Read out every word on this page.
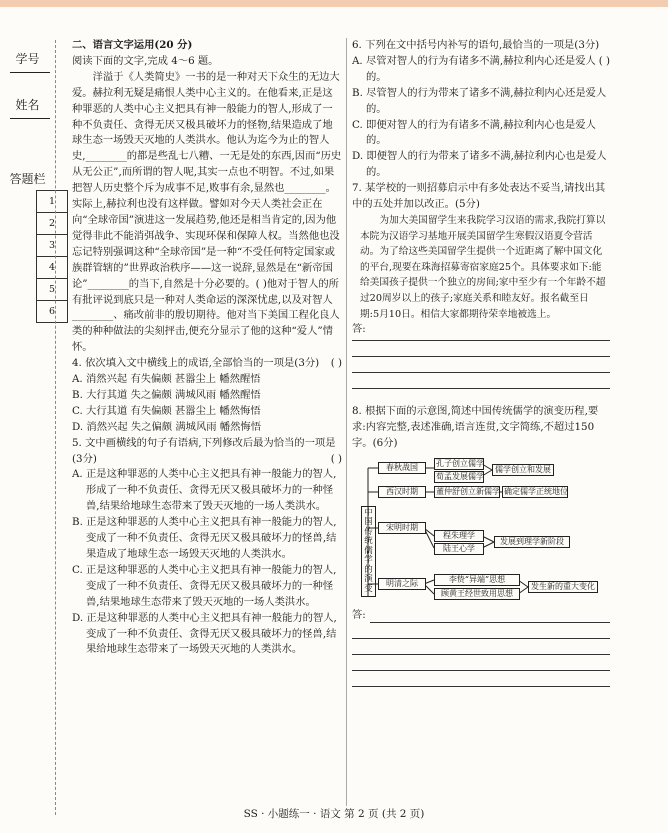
学号
姓名
答题栏
1
2
3
4
5
6

二、语言文字运用(20 分)

阅读下面的文字,完成 4～6 题。

洋溢于《人类简史》一书的是一种对天下众生的无边大爱。赫拉利无疑是痛恨人类中心主义的。在他看来,正是这种罪恶的人类中心主义把具有神一般能力的智人,形成了一种不负责任、贪得无厌又极具破坏力的怪物,结果造成了地球生态一场毁天灭地的人类洪水。他认为迄今为止的智人史,________的都是些乱七八糟、一无是处的东西,因而“历史从无公正”,而所谓的智人呢,其实一点也不明智。不过,如果把智人历史整个斥为成事不足,败事有余,显然也________。实际上,赫拉利也没有这样做。譬如对今天人类社会正在向“全球帝国”演进这一发展趋势,他还是相当肯定的,因为他觉得非此不能消弭战争、实现环保和保障人权。当然他也没忘记特别强调这种“全球帝国”是一种“不受任何特定国家或族群管辖的”世界政治秩序——这一说辞,显然是在“新帝国论”________的当下,自然是十分必要的。( )他对于智人的所有批评说到底只是一种对人类命运的深深忧虑,以及对智人________、痛改前非的殷切期待。他对当下美国工程化良人类的种种做法的尖刻抨击,便充分显示了他的这种“爱人”情怀。

4. 依次填入文中横线上的成语,全部恰当的一项是(3分) ( )

A. 消然兴起 有失偏颇 甚嚣尘上 幡然醒悟

B. 大行其道 失之偏颇 满城风雨 幡然醒悟

C. 大行其道 有失偏颇 甚嚣尘上 幡然悔悟

D. 消然兴起 失之偏颇 满城风雨 幡然悔悟

5. 文中画横线的句子有语病,下列修改后最为恰当的一项是(3分)	( )

A. 正是这种罪恶的人类中心主义把具有神一般能力的智人,形成了一种不负责任、贪得无厌又极具破坏力的一种怪兽,结果给地球生态带来了毁天灭地的一场人类洪水。

B. 正是这种罪恶的人类中心主义把具有神一般能力的智人,变成了一种不负责任、贪得无厌又极具破坏力的怪兽,结果造成了地球生态一场毁天灭地的人类洪水。

C. 正是这种罪恶的人类中心主义把具有神一般能力的智人,变成了一种不负责任、贪得无厌又极具破坏力的一种怪兽,结果地球生态带来了毁天灭地的一场人类洪水。

D. 正是这种罪恶的人类中心主义把具有神一般能力的智人,变成了一种不负责任、贪得无厌又极具破坏力的怪兽,结果给地球生态带来了一场毁天灭地的人类洪水。

6. 下列在文中括号内补写的语句,最恰当的一项是(3分)
( )

A. 尽管对智人的行为有诸多不满,赫拉利内心还是爱人的。

B. 尽管智人的行为带来了诸多不满,赫拉利内心还是爱人的。

C. 即便对智人的行为有诸多不满,赫拉利内心也是爱人的。

D. 即便智人的行为带来了诸多不满,赫拉利内心也是爱人的。

7. 某学校的一则招募启示中有多处表达不妥当,请找出其中的五处并加以改正。(5分)

为加大美国留学生来我院学习汉语的需求,我院打算以本院为汉语学习基地开展美国留学生寒假汉语夏令营活动。为了给这些美国留学生提供一个近距离了解中国文化的平台,现要在珠海招募寄宿家庭25个。具体要求如下:能给美国孩子提供一个独立的房间;家中至少有一个年龄不超过20周岁以上的孩子;家庭关系和睦友好。报名截至日期:5月10日。相信大家都期待荣幸地被选上。

答:

8. 根据下面的示意图,简述中国传统儒学的演变历程,要求:内容完整,表述准确,语言连贯,文字简练,不超过150字。(6分)

中国传统儒学的演变
春秋战国
西汉时期
宋明时期
明清之际
孔子创立儒学
荀孟发展儒学
儒学创立和发展
董仲舒创立新儒学 确定儒学正统地位
程朱理学
陆王心学
发展到理学新阶段
李贽“异端”思想
顾黄王经世致用思想
发生新的重大变化
答:
SS · 小题练一 · 语文 第 2 页 (共 2 页)
